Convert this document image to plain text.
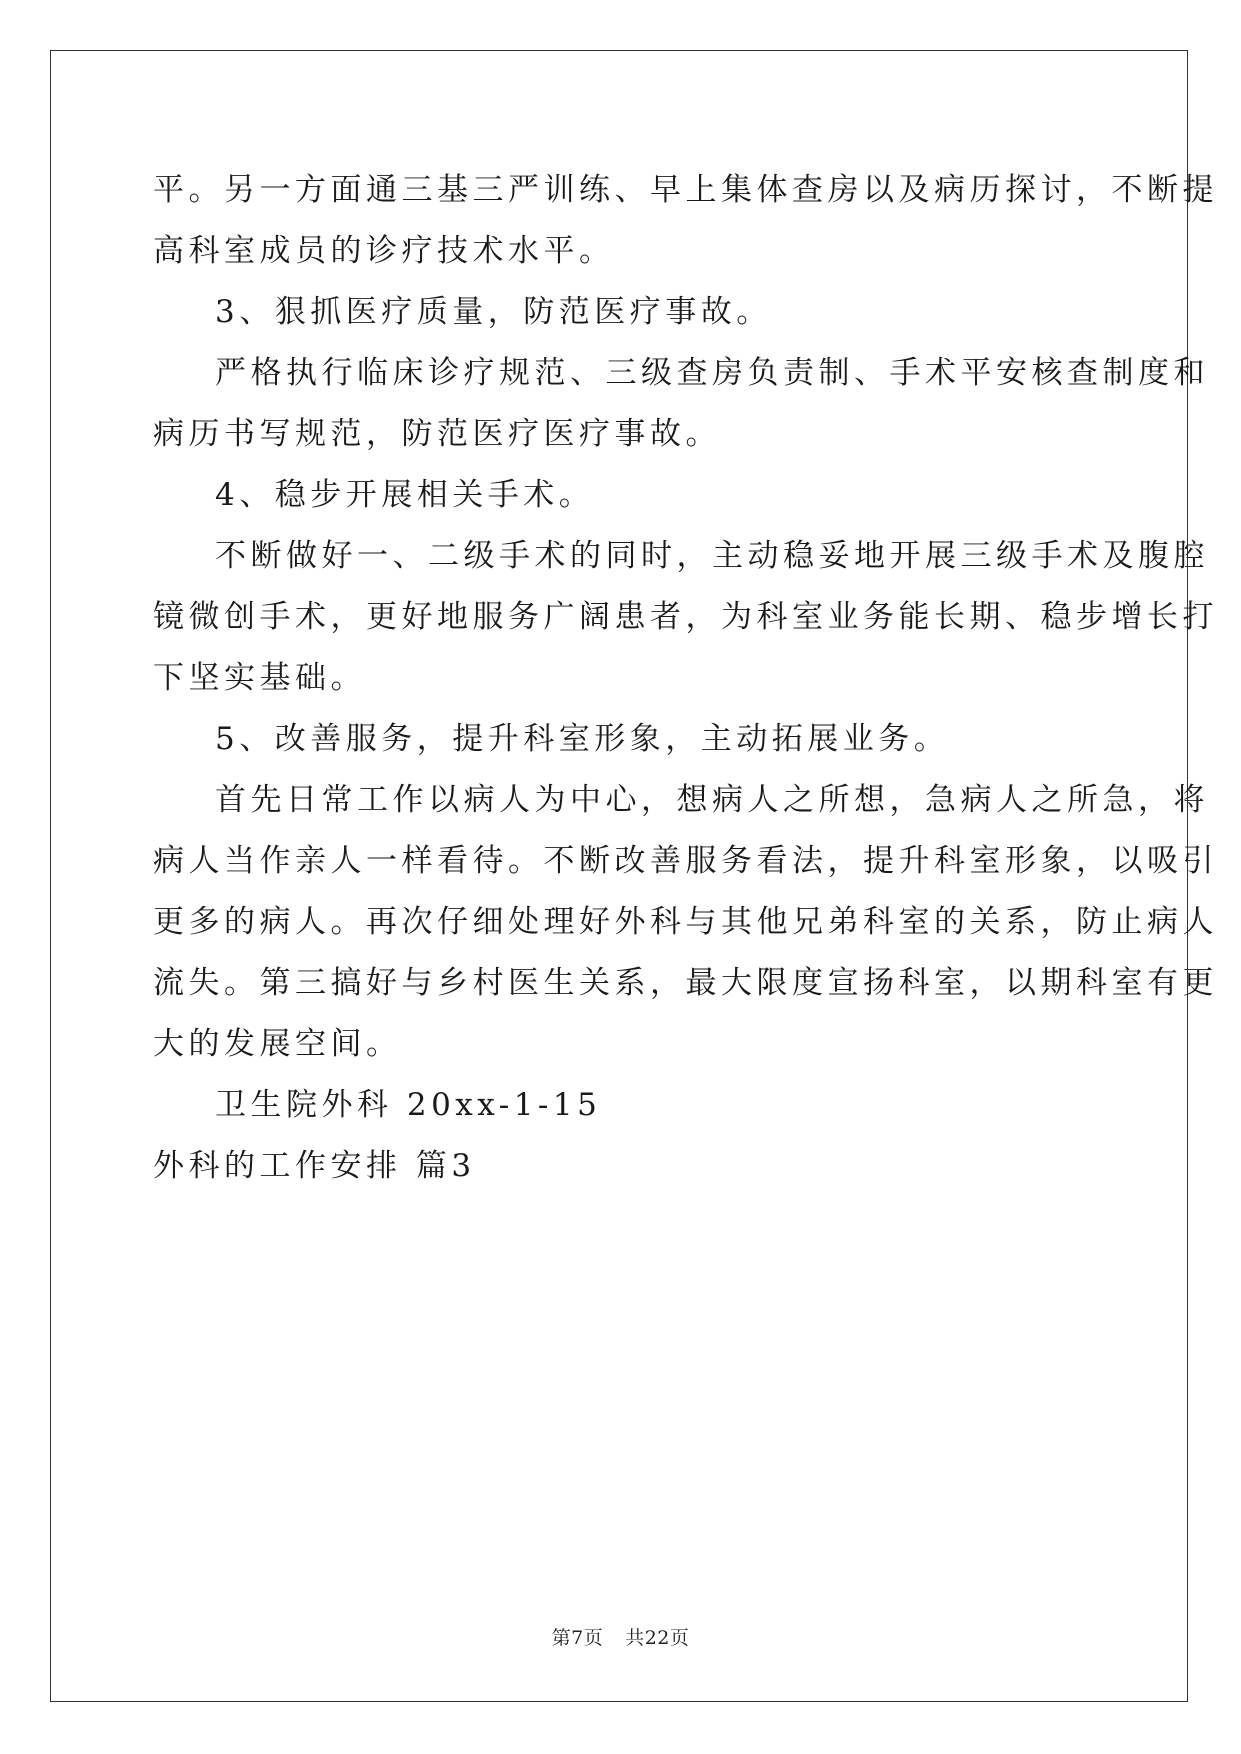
平。另一方面通三基三严训练、早上集体查房以及病历探讨，不断提
高科室成员的诊疗技术水平。
3、狠抓医疗质量，防范医疗事故。
严格执行临床诊疗规范、三级查房负责制、手术平安核查制度和
病历书写规范，防范医疗医疗事故。
4、稳步开展相关手术。
不断做好一、二级手术的同时，主动稳妥地开展三级手术及腹腔
镜微创手术，更好地服务广阔患者，为科室业务能长期、稳步增长打
下坚实基础。
5、改善服务，提升科室形象，主动拓展业务。
首先日常工作以病人为中心，想病人之所想，急病人之所急，将
病人当作亲人一样看待。不断改善服务看法，提升科室形象，以吸引
更多的病人。再次仔细处理好外科与其他兄弟科室的关系，防止病人
流失。第三搞好与乡村医生关系，最大限度宣扬科室，以期科室有更
大的发展空间。
卫生院外科 20xx-1-15
外科的工作安排 篇3
第7页 共22页
